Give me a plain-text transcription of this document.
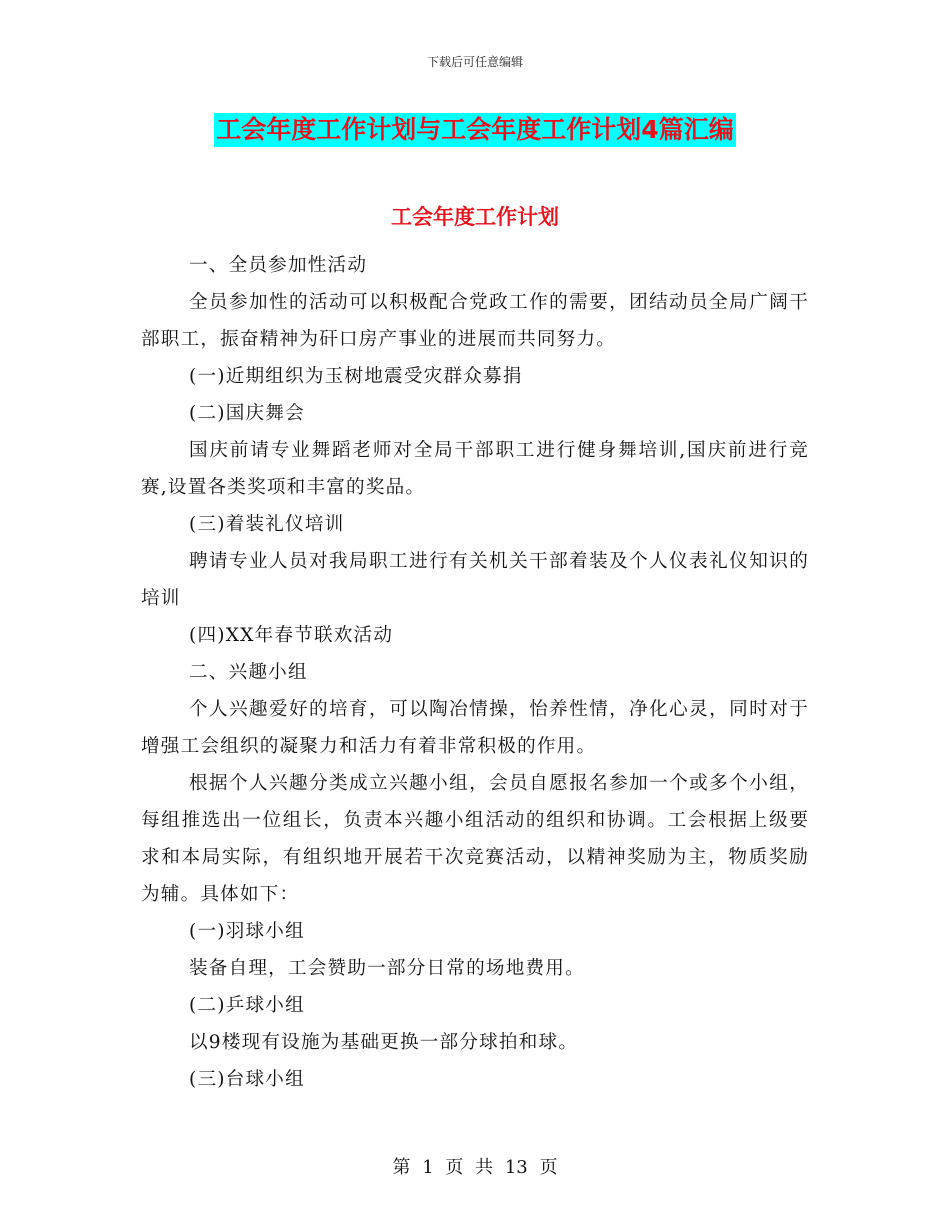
下载后可任意编辑
工会年度工作计划与工会年度工作计划4篇汇编
工会年度工作计划

一、全员参加性活动

全员参加性的活动可以积极配合党政工作的需要，团结动员全局广阔干部职工，振奋精神为矸口房产事业的进展而共同努力。

(一)近期组织为玉树地震受灾群众募捐

(二)国庆舞会

国庆前请专业舞蹈老师对全局干部职工进行健身舞培训,国庆前进行竞赛,设置各类奖项和丰富的奖品。

(三)着装礼仪培训

聘请专业人员对我局职工进行有关机关干部着装及个人仪表礼仪知识的培训

(四)XX年春节联欢活动

二、兴趣小组

个人兴趣爱好的培育，可以陶冶情操，怡养性情，净化心灵，同时对于增强工会组织的凝聚力和活力有着非常积极的作用。

根据个人兴趣分类成立兴趣小组，会员自愿报名参加一个或多个小组，每组推选出一位组长，负责本兴趣小组活动的组织和协调。工会根据上级要求和本局实际，有组织地开展若干次竞赛活动，以精神奖励为主，物质奖励为辅。具体如下：

(一)羽球小组

装备自理，工会赞助一部分日常的场地费用。

(二)乒球小组

以9楼现有设施为基础更换一部分球拍和球。

(三)台球小组

第 1 页 共 13 页
